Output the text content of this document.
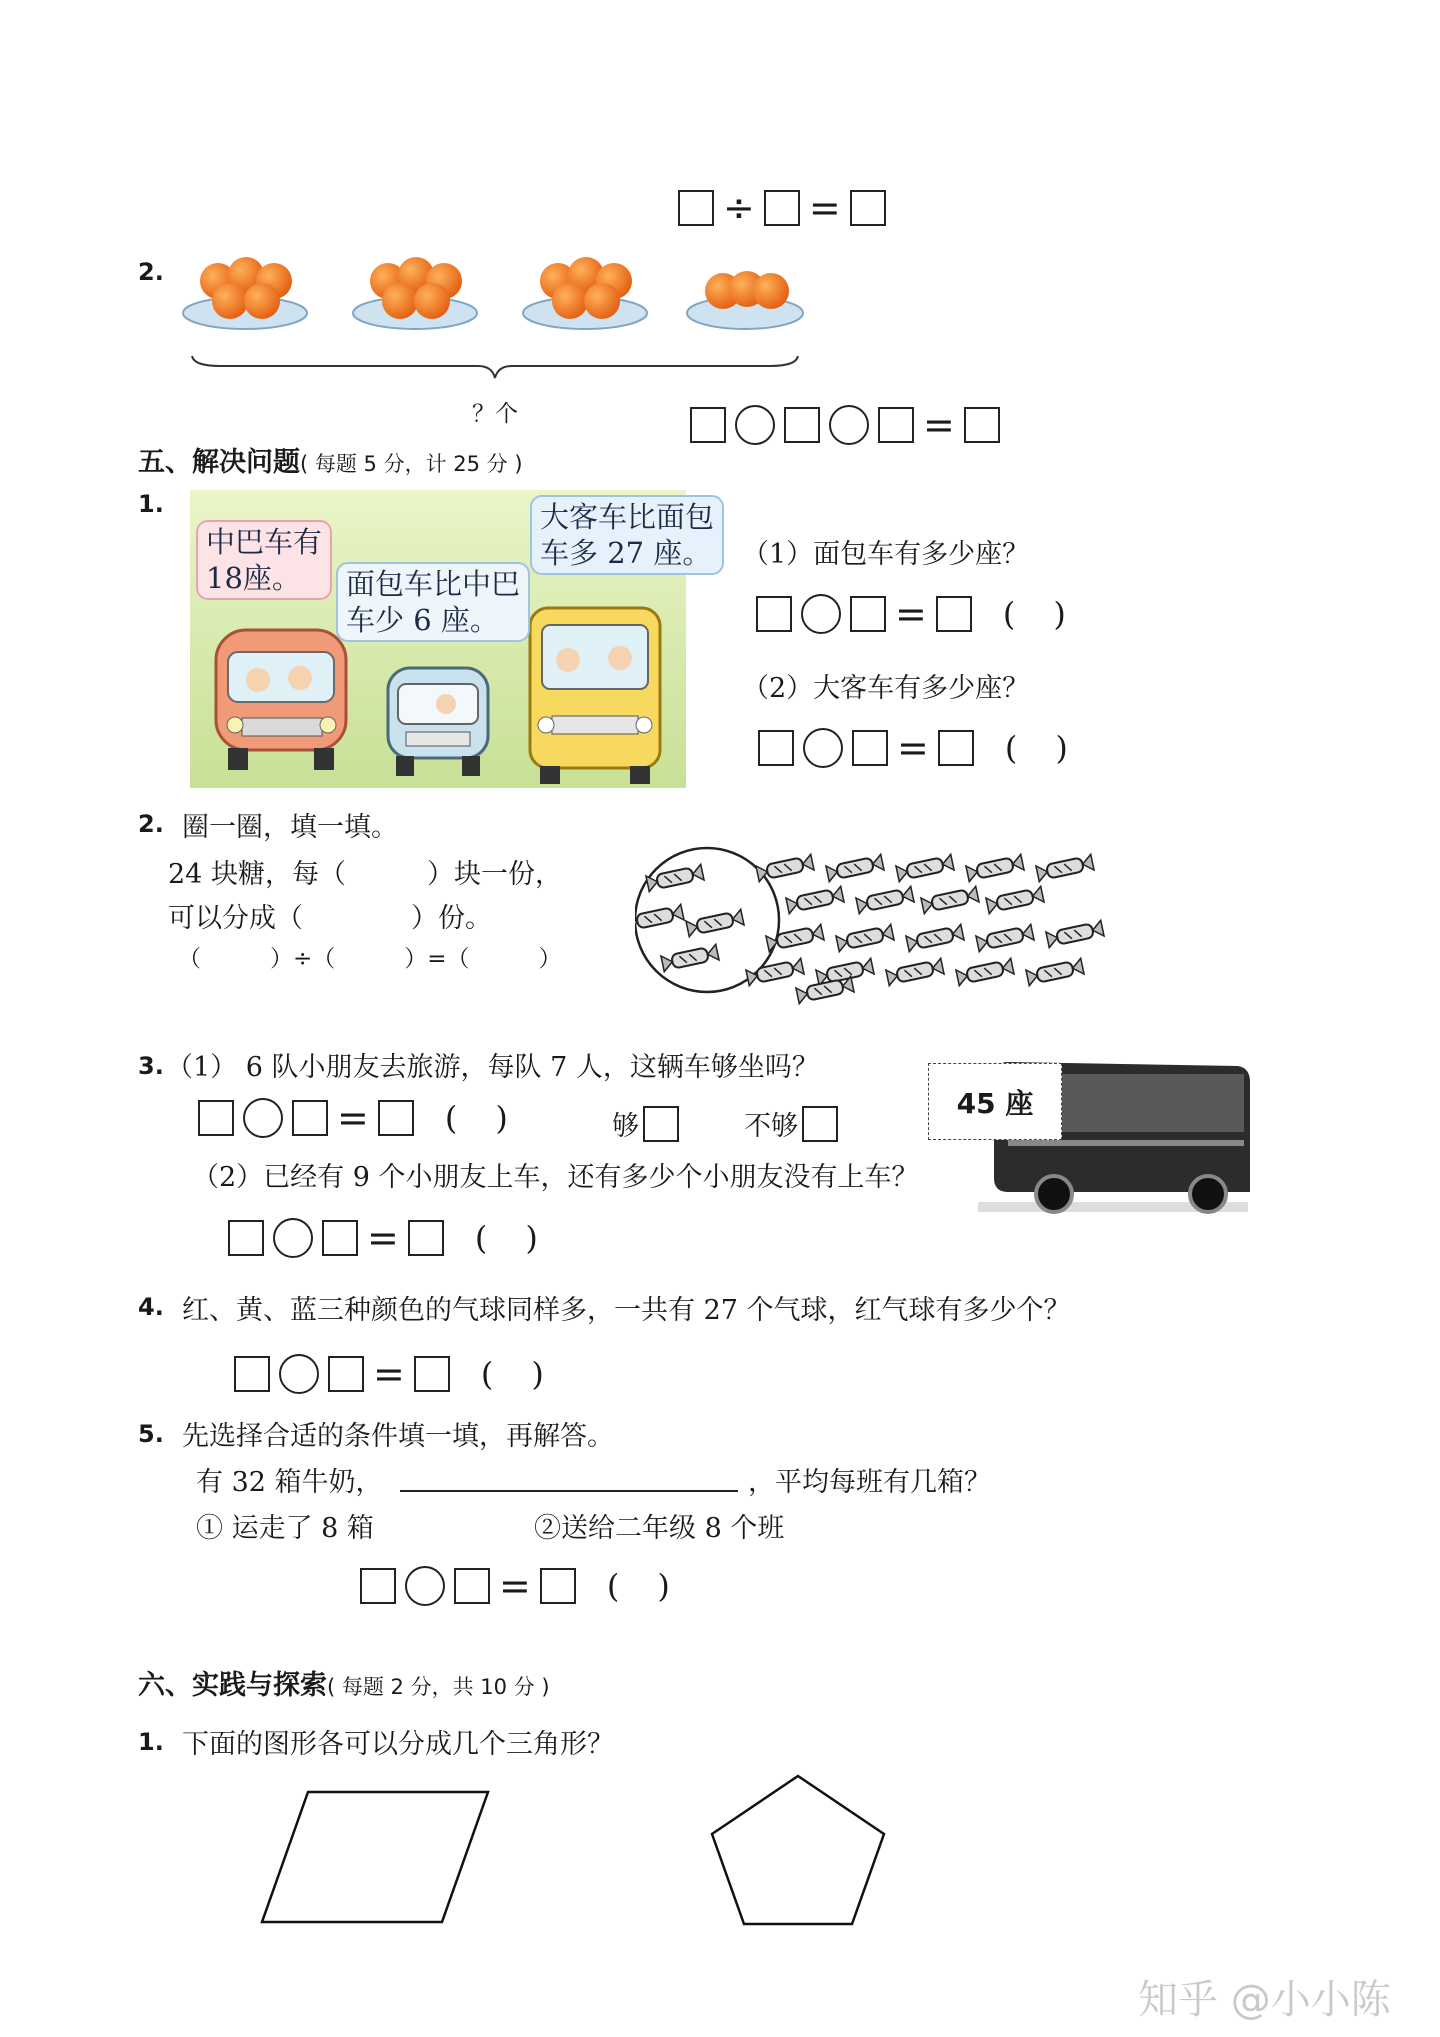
÷ =
2.
？个	=
五、解决问题( 每题 5 分，计 25 分 )
1.
中巴车有
18座。	面包车比中巴
车少 6 座。
大客车比面包
车多 27 座。	（1）面包车有多少座？
= ()
（2）大客车有多少座？
= ()
2. 圈一圈，填一填。
24 块糖，每（　　　）块一份，
可以分成（　　　　）份。
（　　　）÷（　　　）=（　　　）
3. （1） 6 队小朋友去旅游，每队 7 人，这辆车够坐吗？
= () 够	不够
45 座
（2）已经有 9 个小朋友上车，还有多少个小朋友没有上车？
= ()
4. 红、黄、蓝三种颜色的气球同样多，一共有 27 个气球，红气球有多少个？
= ()
5. 先选择合适的条件填一填，再解答。
有 32 箱牛奶，	，平均每班有几箱？
① 运走了 8 箱	②送给二年级 8 个班
= ()
六、实践与探索( 每题 2 分，共 10 分 )
1. 下面的图形各可以分成几个三角形？
知乎 @小小陈
